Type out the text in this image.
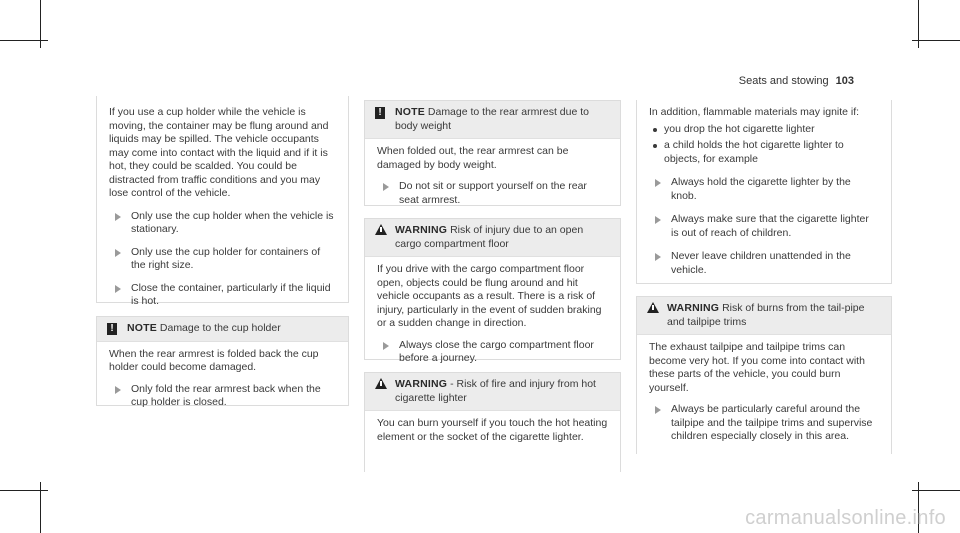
Seats and stowing 103

If you use a cup holder while the vehicle is moving, the container may be flung around and liquids may be spilled. The vehicle occupants may come into contact with the liquid and if it is hot, they could be scalded. You could be distracted from traffic conditions and you may lose control of the vehicle.

Only use the cup holder when the vehicle is stationary.
Only use the cup holder for containers of the right size.
Close the container, particularly if the liquid is hot.
!	NOTE Damage to the cup holder

When the rear armrest is folded back the cup holder could become damaged.

Only fold the rear armrest back when the cup holder is closed.
!	NOTE Damage to the rear armrest due to body weight

When folded out, the rear armrest can be damaged by body weight.

Do not sit or support yourself on the rear seat armrest.
WARNING Risk of injury due to an open cargo compartment floor

If you drive with the cargo compartment floor open, objects could be flung around and hit vehicle occupants as a result. There is a risk of injury, particularly in the event of sudden braking or a sudden change in direction.

Always close the cargo compartment floor before a journey.
WARNING - Risk of fire and injury from hot cigarette lighter

You can burn yourself if you touch the hot heating element or the socket of the cigarette lighter.

In addition, flammable materials may ignite if:

you drop the hot cigarette lighter
a child holds the hot cigarette lighter to objects, for example
Always hold the cigarette lighter by the knob.
Always make sure that the cigarette lighter is out of reach of children.
Never leave children unattended in the vehicle.
WARNING Risk of burns from the tail-pipe and tailpipe trims

The exhaust tailpipe and tailpipe trims can become very hot. If you come into contact with these parts of the vehicle, you could burn yourself.

Always be particularly careful around the tailpipe and the tailpipe trims and supervise children especially closely in this area.
carmanualsonline.info
